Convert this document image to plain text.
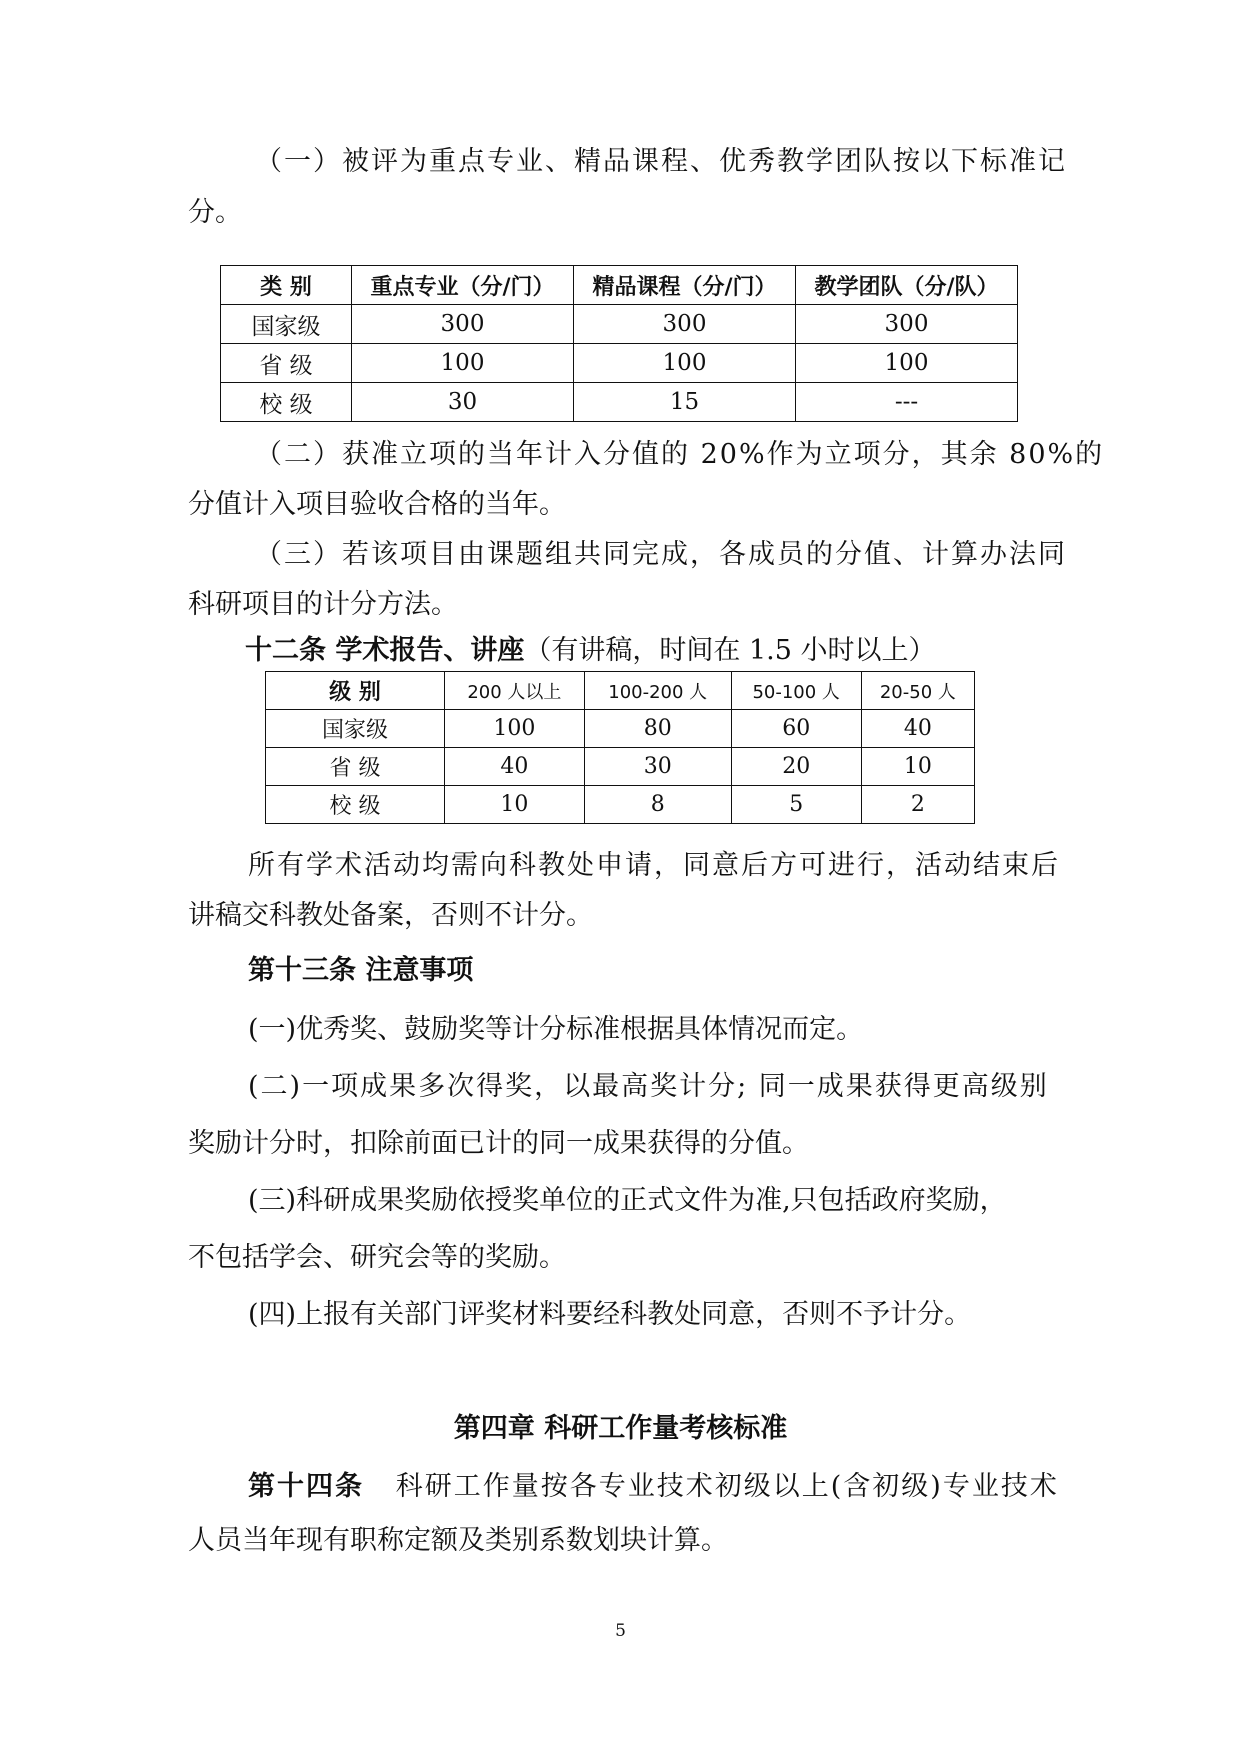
（一）被评为重点专业、精品课程、优秀教学团队按以下标准记
分。
类 别	重点专业（分/门）	精品课程（分/门）	教学团队（分/队）
国家级	300	300	300
省 级	100	100	100
校 级	30	15	---
（二）获准立项的当年计入分值的 20%作为立项分，其余 80%的
分值计入项目验收合格的当年。
（三）若该项目由课题组共同完成，各成员的分值、计算办法同
科研项目的计分方法。
十二条 学术报告、讲座（有讲稿，时间在 1.5 小时以上）
级 别	200 人以上	100-200 人	50-100 人	20-50 人
国家级	100	80	60	40
省 级	40	30	20	10
校 级	10	8	5	2
所有学术活动均需向科教处申请，同意后方可进行，活动结束后
讲稿交科教处备案，否则不计分。
第十三条 注意事项
(一)优秀奖、鼓励奖等计分标准根据具体情况而定。
(二)一项成果多次得奖，以最高奖计分; 同一成果获得更高级别
奖励计分时，扣除前面已计的同一成果获得的分值。
(三)科研成果奖励依授奖单位的正式文件为准,只包括政府奖励，
不包括学会、研究会等的奖励。
(四)上报有关部门评奖材料要经科教处同意，否则不予计分。
第四章 科研工作量考核标准
第十四条 科研工作量按各专业技术初级以上(含初级)专业技术
人员当年现有职称定额及类别系数划块计算。
5
